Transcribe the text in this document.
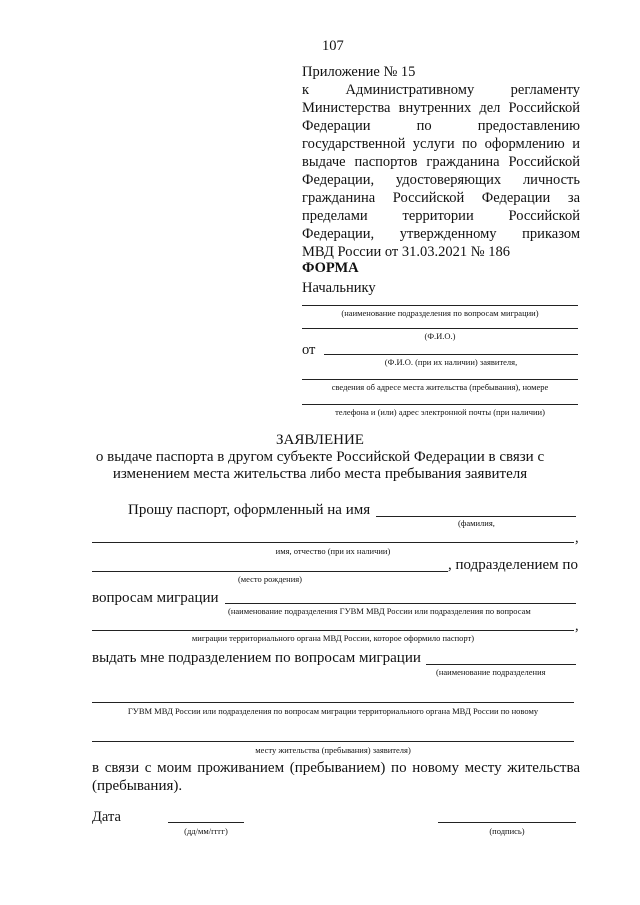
107
Приложение № 15
к Административному регламенту
Министерства внутренних дел Российской
Федерации по предоставлению
государственной услуги по оформлению и
выдаче паспортов гражданина Российской
Федерации, удостоверяющих личность
гражданина Российской Федерации за
пределами территории Российской
Федерации, утвержденному приказом
МВД России от 31.03.2021 № 186
ФОРМА
Начальнику
(наименование подразделения по вопросам миграции)
(Ф.И.О.)
от
(Ф.И.О. (при их наличии) заявителя,
сведения об адресе места жительства (пребывания), номере
телефона и (или) адрес электронной почты (при наличии)
ЗАЯВЛЕНИЕ
о выдаче паспорта в другом субъекте Российской Федерации в связи с
изменением места жительства либо места пребывания заявителя
Прошу паспорт, оформленный на имя
(фамилия,
,
имя, отчество (при их наличии)
, подразделением по
(место рождения)
вопросам миграции
(наименование подразделения ГУВМ МВД России или подразделения по вопросам
,
миграции территориального органа МВД России, которое оформило паспорт)
выдать мне подразделением по вопросам миграции
(наименование подразделения
ГУВМ МВД России или подразделения по вопросам миграции территориального органа МВД России по новому
месту жительства (пребывания) заявителя)
в связи с моим проживанием (пребыванием) по новому месту жительства
(пребывания).
Дата
(дд/мм/гггг)	(подпись)
